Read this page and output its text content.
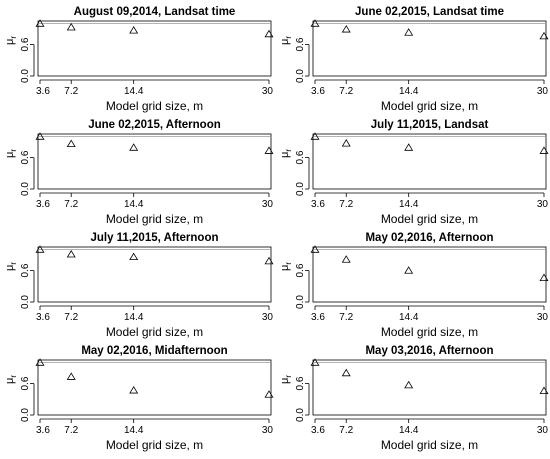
August 09,2014, Landsat time
3.6 7.2	14.4	30
Model grid size, m
0.0
0.6
$\mu_r$
June 02,2015, Landsat time
3.6 7.2	14.4	30
Model grid size, m
0.0
0.6
$\mu_r$
June 02,2015, Afternoon
3.6 7.2	14.4	30
Model grid size, m
0.0
0.6
$\mu_r$
July 11,2015, Landsat
3.6 7.2	14.4	30
Model grid size, m
0.0
0.6
$\mu_r$
July 11,2015, Afternoon
3.6 7.2	14.4	30
Model grid size, m
0.0
0.6
$\mu_r$
May 02,2016, Afternoon
3.6 7.2	14.4	30
Model grid size, m
0.0
0.6
$\mu_r$
May 02,2016, Midafternoon
3.6 7.2	14.4	30
Model grid size, m
0.0
0.6
$\mu_r$
May 03,2016, Afternoon
3.6 7.2	14.4	30
Model grid size, m
0.0
0.6
$\mu_r$
